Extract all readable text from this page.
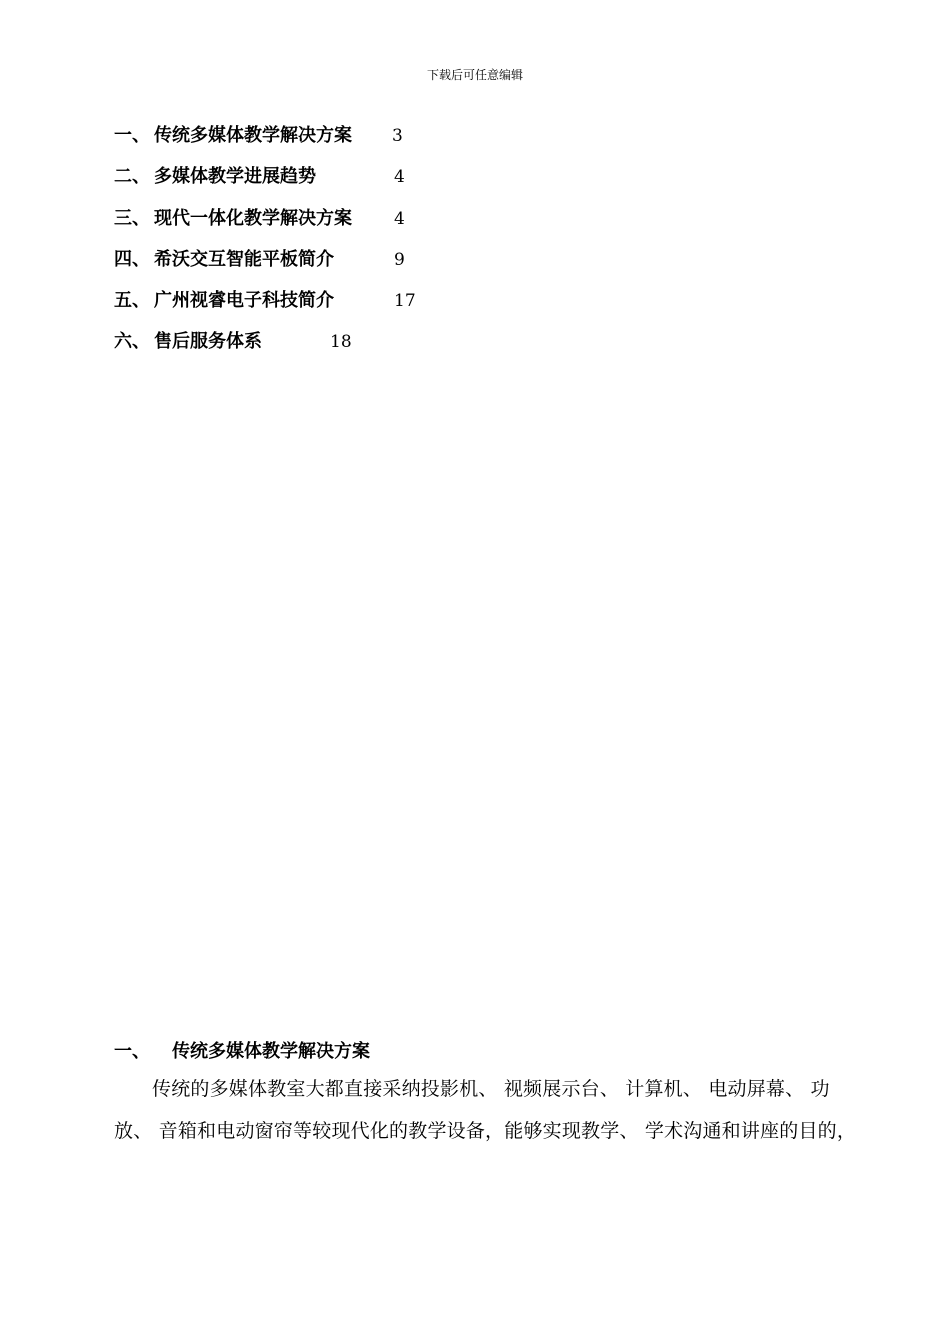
下载后可任意编辑
一、 传统多媒体教学解决方案 3
二、 多媒体教学进展趋势	4
三、 现代一体化教学解决方案 4
四、 希沃交互智能平板简介	9
五、 广州视睿电子科技简介	17
六、 售后服务体系	18
一、 传统多媒体教学解决方案
传统的多媒体教室大都直接采纳投影机、 视频展示台、 计算机、 电动屏幕、 功
放、 音箱和电动窗帘等较现代化的教学设备，能够实现教学、 学术沟通和讲座的目的，
